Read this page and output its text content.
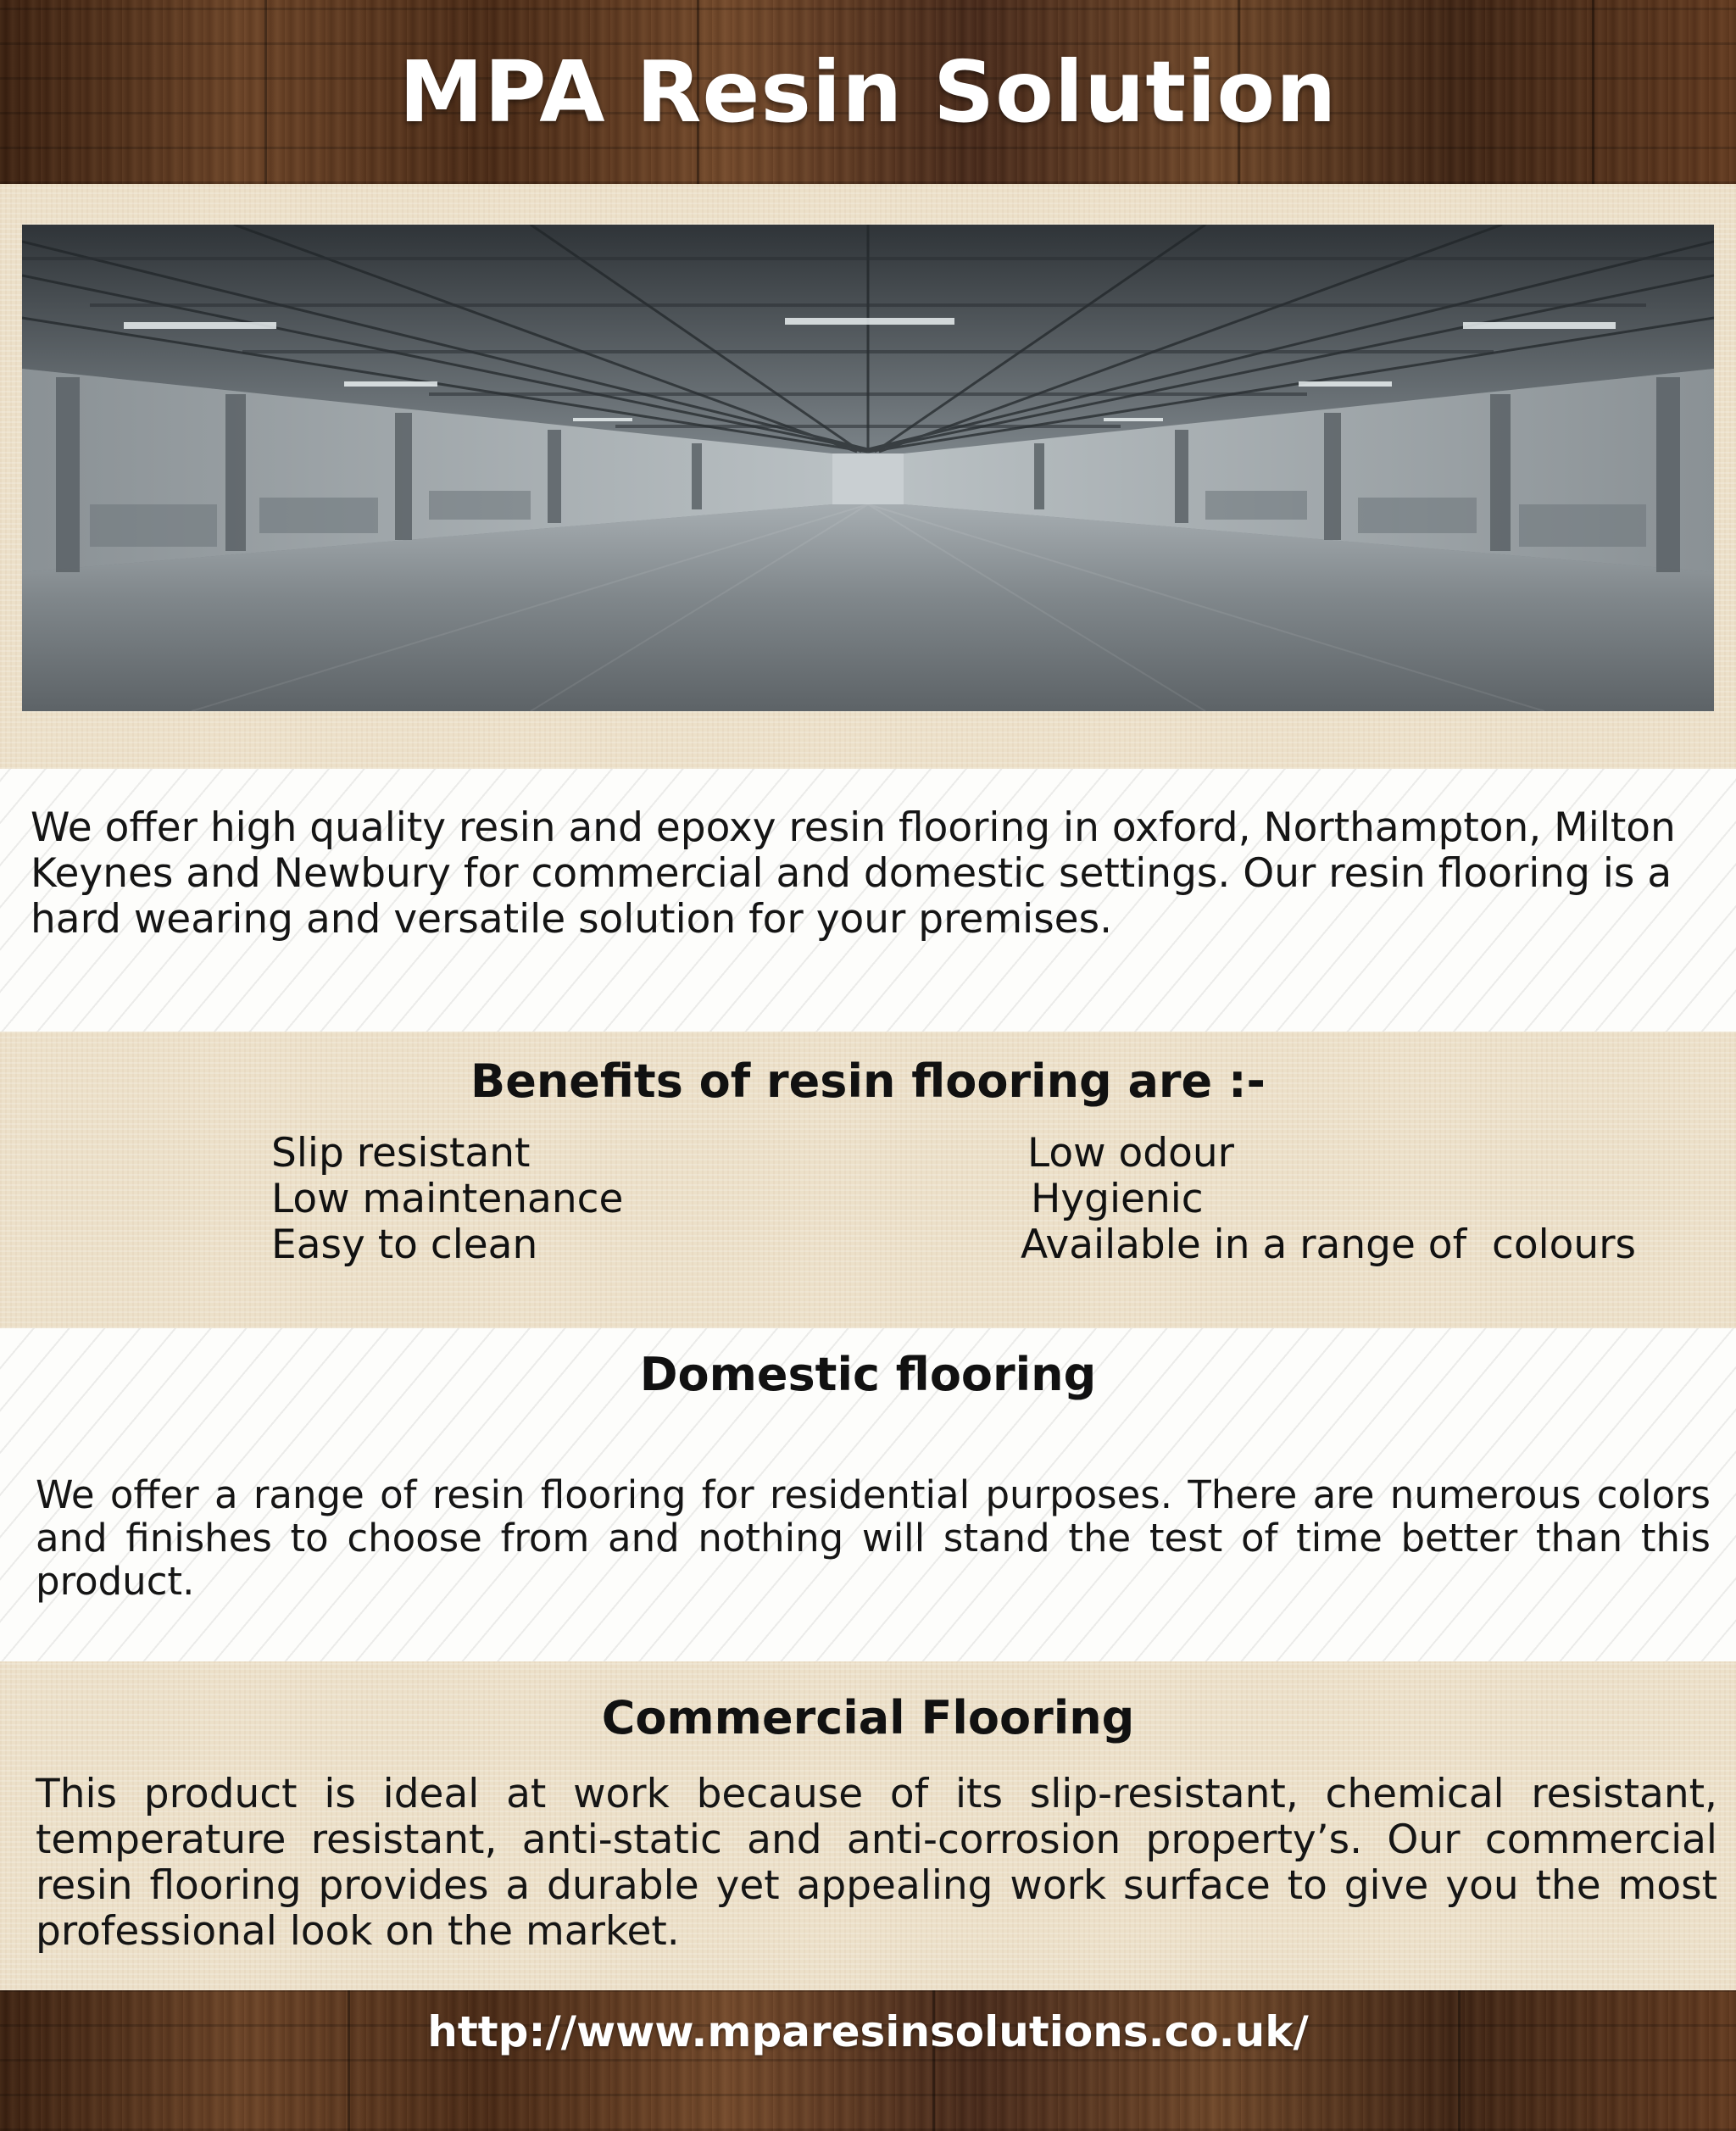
MPA Resin Solution

We offer high quality resin and epoxy resin flooring in oxford, Northampton, Milton Keynes and Newbury for commercial and domestic settings. Our resin flooring is a hard wearing and versatile solution for your premises.

Benefits of resin flooring are :-
Slip resistant
Low maintenance
Easy to clean
Low odour
Hygienic
Available in a range of  colours
Domestic flooring

We offer a range of resin flooring for residential purposes. There are numerous colors and finishes to choose from and nothing will stand the test of time better than this product.

Commercial Flooring

This product is ideal at work because of its slip-resistant, chemical resistant, temperature resistant, anti-static and anti-corrosion property’s. Our commercial resin flooring provides a durable yet appealing work surface to give you the most professional look on the market.

http://www.mparesinsolutions.co.uk/
